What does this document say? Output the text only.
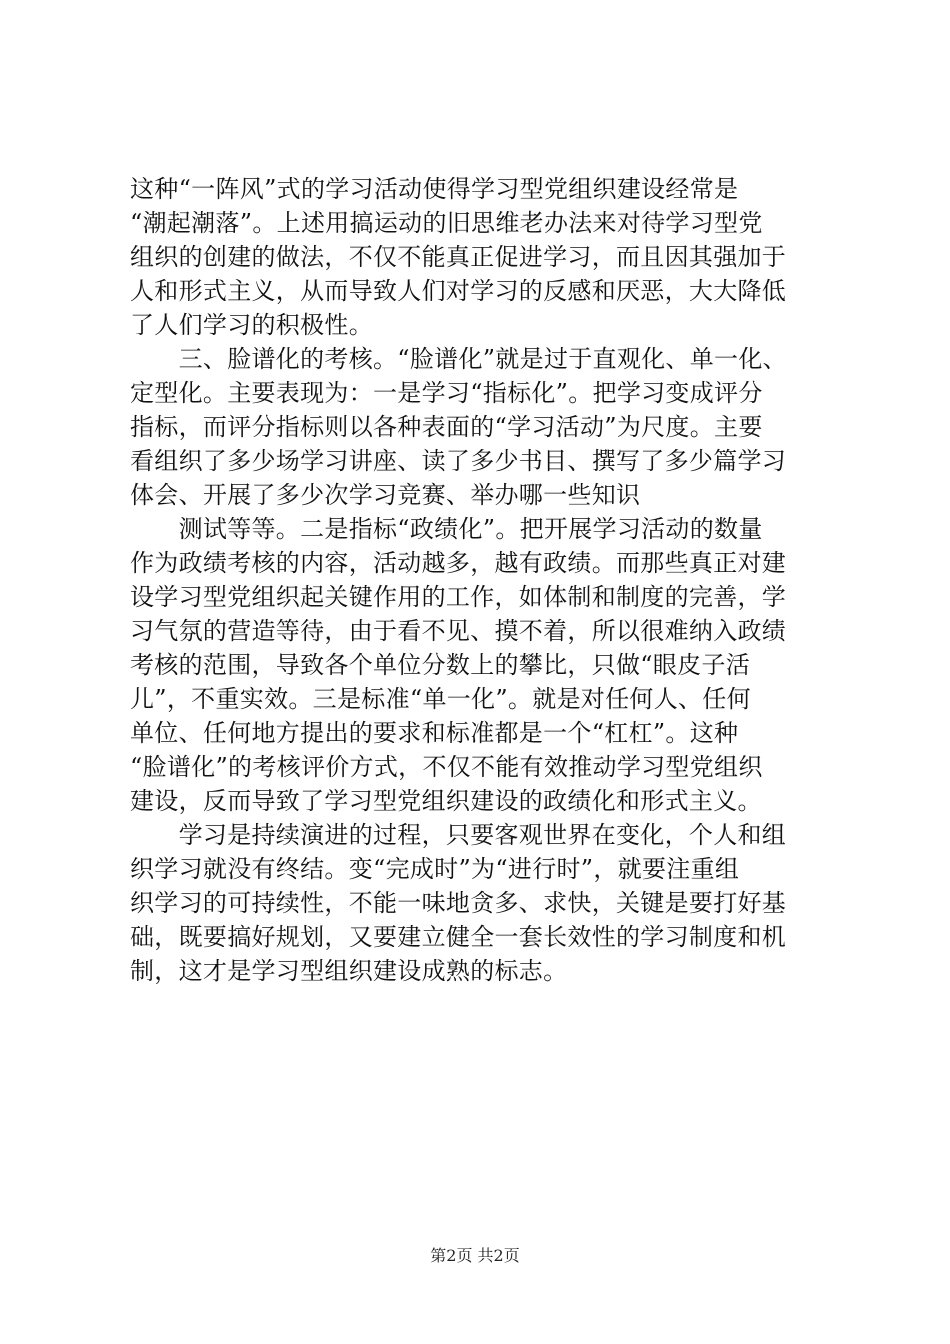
这种“一阵风”式的学习活动使得学习型党组织建设经常是
“潮起潮落”。上述用搞运动的旧思维老办法来对待学习型党
组织的创建的做法，不仅不能真正促进学习，而且因其强加于
人和形式主义，从而导致人们对学习的反感和厌恶，大大降低
了人们学习的积极性。
　　三、脸谱化的考核。“脸谱化”就是过于直观化、单一化、
定型化。主要表现为：一是学习“指标化”。把学习变成评分
指标，而评分指标则以各种表面的“学习活动”为尺度。主要
看组织了多少场学习讲座、读了多少书目、撰写了多少篇学习
体会、开展了多少次学习竞赛、举办哪一些知识
　　测试等等。二是指标“政绩化”。把开展学习活动的数量
作为政绩考核的内容，活动越多，越有政绩。而那些真正对建
设学习型党组织起关键作用的工作，如体制和制度的完善，学
习气氛的营造等待，由于看不见、摸不着，所以很难纳入政绩
考核的范围，导致各个单位分数上的攀比，只做“眼皮子活
儿”，不重实效。三是标准“单一化”。就是对任何人、任何
单位、任何地方提出的要求和标准都是一个“杠杠”。这种
“脸谱化”的考核评价方式，不仅不能有效推动学习型党组织
建设，反而导致了学习型党组织建设的政绩化和形式主义。
　　学习是持续演进的过程，只要客观世界在变化，个人和组
织学习就没有终结。变“完成时”为“进行时”，就要注重组
织学习的可持续性，不能一味地贪多、求快，关键是要打好基
础，既要搞好规划，又要建立健全一套长效性的学习制度和机
制，这才是学习型组织建设成熟的标志。
第2页 共2页
